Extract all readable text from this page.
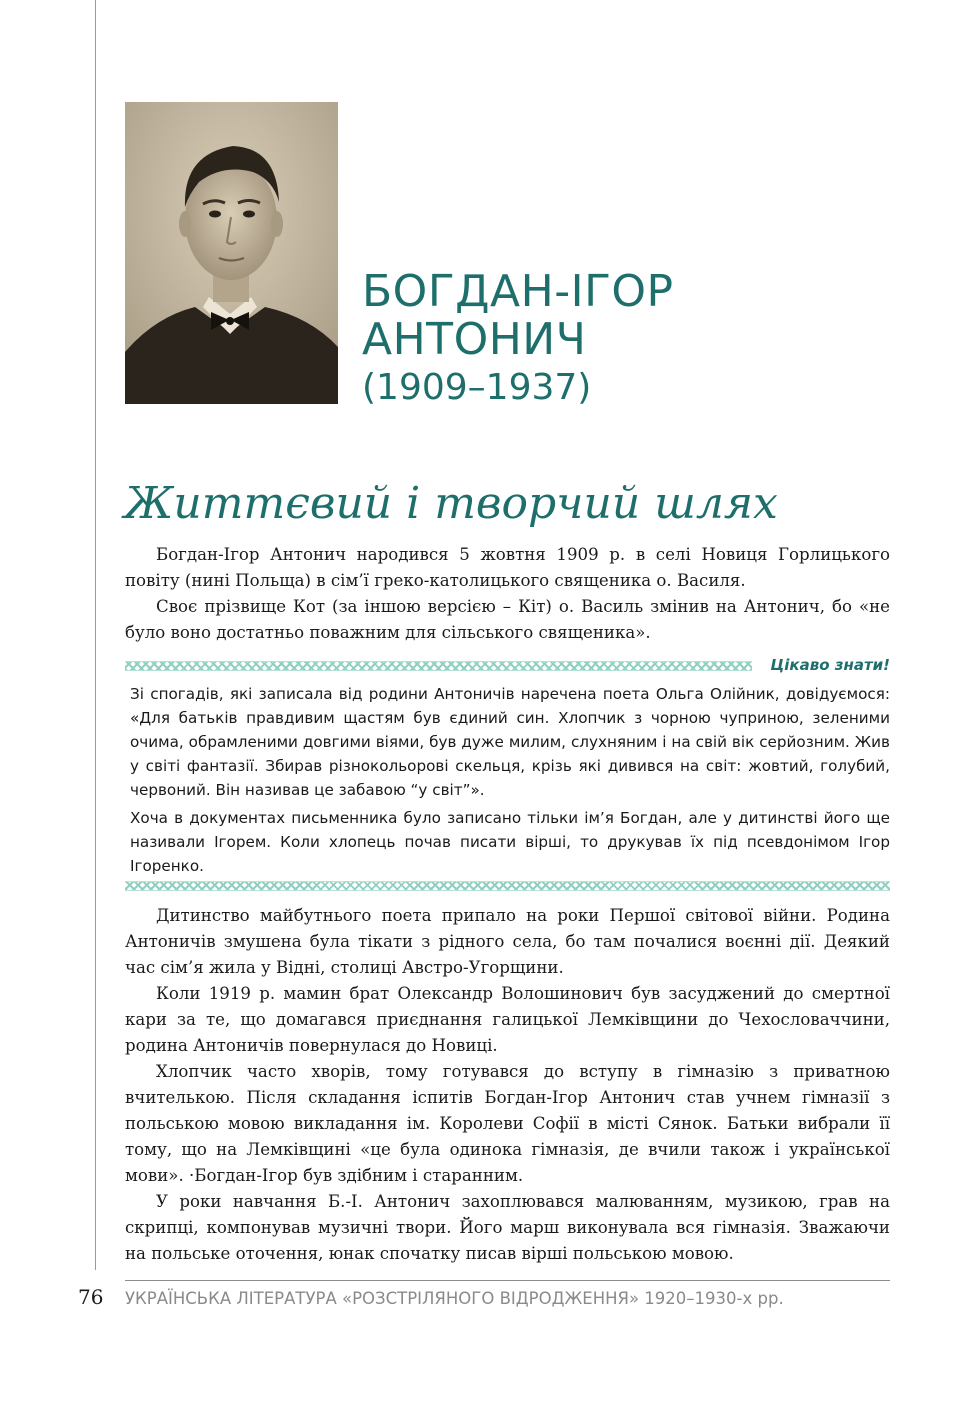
БОГДАН-ІГОР
АНТОНИЧ
(1909–1937)
Життєвий і творчий шлях

Богдан-Ігор Антонич народився 5 жовтня 1909 р. в селі Новиця Горлицького повіту (нині Польща) в сім’ї греко-католицького священика о. Василя.

Своє прізвище Кот (за іншою версією – Кіт) о. Василь змінив на Антонич, бо «не було воно достатньо поважним для сільського священика».

Цікаво знати!

Зі спогадів, які записала від родини Антоничів наречена поета Ольга Олійник, довідуємося: «Для батьків правдивим щастям був єдиний син. Хлопчик з чорною чуприною, зеленими очима, обрамленими довгими віями, був дуже милим, слухняним і на свій вік серйозним. Жив у світі фантазії. Збирав різнокольорові скельця, крізь які дивився на світ: жовтий, голубий, червоний. Він називав це забавою “у світ”».

Хоча в документах письменника було записано тільки ім’я Богдан, але у дитинстві його ще називали Ігорем. Коли хлопець почав писати вірші, то друкував їх під псевдонімом Ігор Ігоренко.

Дитинство майбутнього поета припало на роки Першої світової війни. Родина Антоничів змушена була тікати з рідного села, бо там почалися воєнні дії. Деякий час сім’я жила у Відні, столиці Австро-Угорщини.

Коли 1919 р. мамин брат Олександр Волошинович був засуджений до смертної кари за те, що домагався приєднання галицької Лемківщини до Чехословаччини, родина Антоничів повернулася до Новиці.

Хлопчик часто хворів, тому готувався до вступу в гімназію з приватною вчителькою. Після складання іспитів Богдан-Ігор Антонич став учнем гімназії з польською мовою викладання ім. Королеви Софії в місті Сянок. Батьки вибрали її тому, що на Лемківщині «це була одинока гімназія, де вчили також і української мови». ·Богдан-Ігор був здібним і старанним.

У роки навчання Б.-І. Антонич захоплювався малюванням, музикою, грав на скрипці, компонував музичні твори. Його марш виконувала вся гімназія. Зважаючи на польське оточення, юнак спочатку писав вірші польською мовою.

76	УКРАЇНСЬКА ЛІТЕРАТУРА «РОЗСТРІЛЯНОГО ВІДРОДЖЕННЯ» 1920–1930-х рр.
